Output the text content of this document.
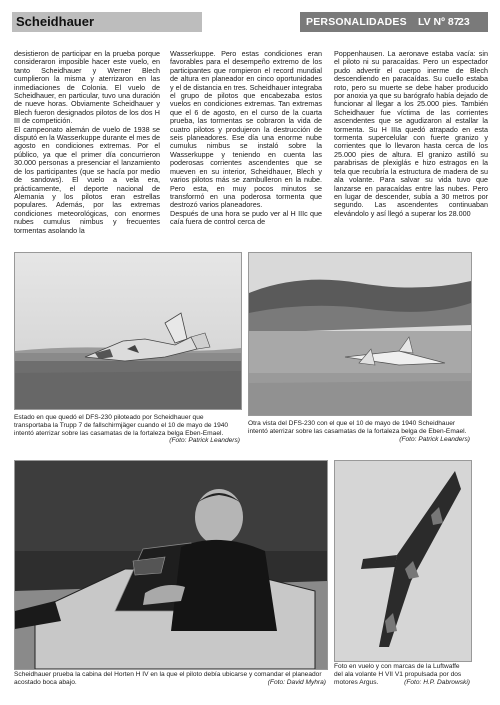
Scheidhauer	PERSONALIDADES LV Nº 87
23

desistieron de participar en la prueba porque consideraron imposible hacer este vuelo, en tanto Scheidhauer y Werner Blech cumplieron la misma y aterrizaron en las inmediaciones de Colonia. El vuelo de Scheidhauer, en particular, tuvo una duración de nueve horas. Obviamente Scheidhauer y Blech fueron designados pilotos de los dos H III de competición.

El campeonato alemán de vuelo de 1938 se disputó en la Wasserkuppe durante el mes de agosto en condiciones extremas. Por el público, ya que el primer día concurrieron 30.000 personas a presenciar el lanzamiento de los participantes (que se hacía por medio de sandows). El vuelo a vela era, prácticamente, el deporte nacional de Alemania y los pilotos eran estrellas populares. Además, por las extremas condiciones meteorológicas, con enormes nubes cumulus nimbus y frecuentes tormentas asolando la

Wasserkuppe. Pero estas condiciones eran favorables para el desempeño extremo de los participantes que rompieron el record mundial de altura en planeador en cinco oportunidades y el de distancia en tres. Scheidhauer integraba el grupo de pilotos que encabezaba estos vuelos en condiciones extremas. Tan extremas que el 6 de agosto, en el curso de la cuarta prueba, las tormentas se cobraron la vida de cuatro pilotos y produjeron la destrucción de seis planeadores. Ese día una enorme nube cumulus nimbus se instaló sobre la Wasserkuppe y teniendo en cuenta las poderosas corrientes ascendentes que se mueven en su interior, Scheidhauer, Blech y varios pilotos más se zambulleron en la nube. Pero esta, en muy pocos minutos se transformó en una poderosa tormenta que destrozó varios planeadores.

Después de una hora se pudo ver al H IIIc que caía fuera de control cerca de

Poppenhausen. La aeronave estaba vacía: sin el piloto ni su paracaídas. Pero un espectador pudo advertir el cuerpo inerme de Blech descendiendo en paracaídas. Su cuello estaba roto, pero su muerte se debe haber producido por anoxia ya que su barógrafo había dejado de funcionar al llegar a los 25.000 pies. También Scheidhauer fue víctima de las corrientes ascendentes que se agudizaron al estallar la tormenta. Su H IIIa quedó atrapado en esta tormenta supercelular con fuerte granizo y corrientes que lo llevaron hasta cerca de los 25.000 pies de altura. El granizo astilló su parabrisas de plexiglás e hizo estragos en la tela que recubría la estructura de madera de su ala volante. Para salvar su vida tuvo que lanzarse en paracaídas entre las nubes. Pero en lugar de descender, subía a 30 metros por segundo. Las ascendentes continuaban elevándolo y así llegó a superar los 28.000

Estado en que quedó el DFS-230 piloteado por Scheidhauer que transportaba la Trupp 7 de fallschirmjäger cuando el 10 de mayo de 1940 intentó aterrizar sobre las casamatas de la fortaleza belga Eben-Emael.
(Foto: Patrick Leanders)
Otra vista del DFS-230 con el que el 10 de mayo de 1940 Scheidhauer intentó aterrizar sobre las casamatas de la fortaleza belga de Eben-Emael.
(Foto: Patrick Leanders)
Scheidhauer prueba la cabina del Horten H IV en la que el piloto debía ubicarse y comandar el planeador acostado boca abajo.	(Foto: David Myhra)
Foto en vuelo y con marcas de la Luftwaffe del ala volante H VII V1 propulsada por dos motores Argus.	(Foto: H.P. Dabrowski)
